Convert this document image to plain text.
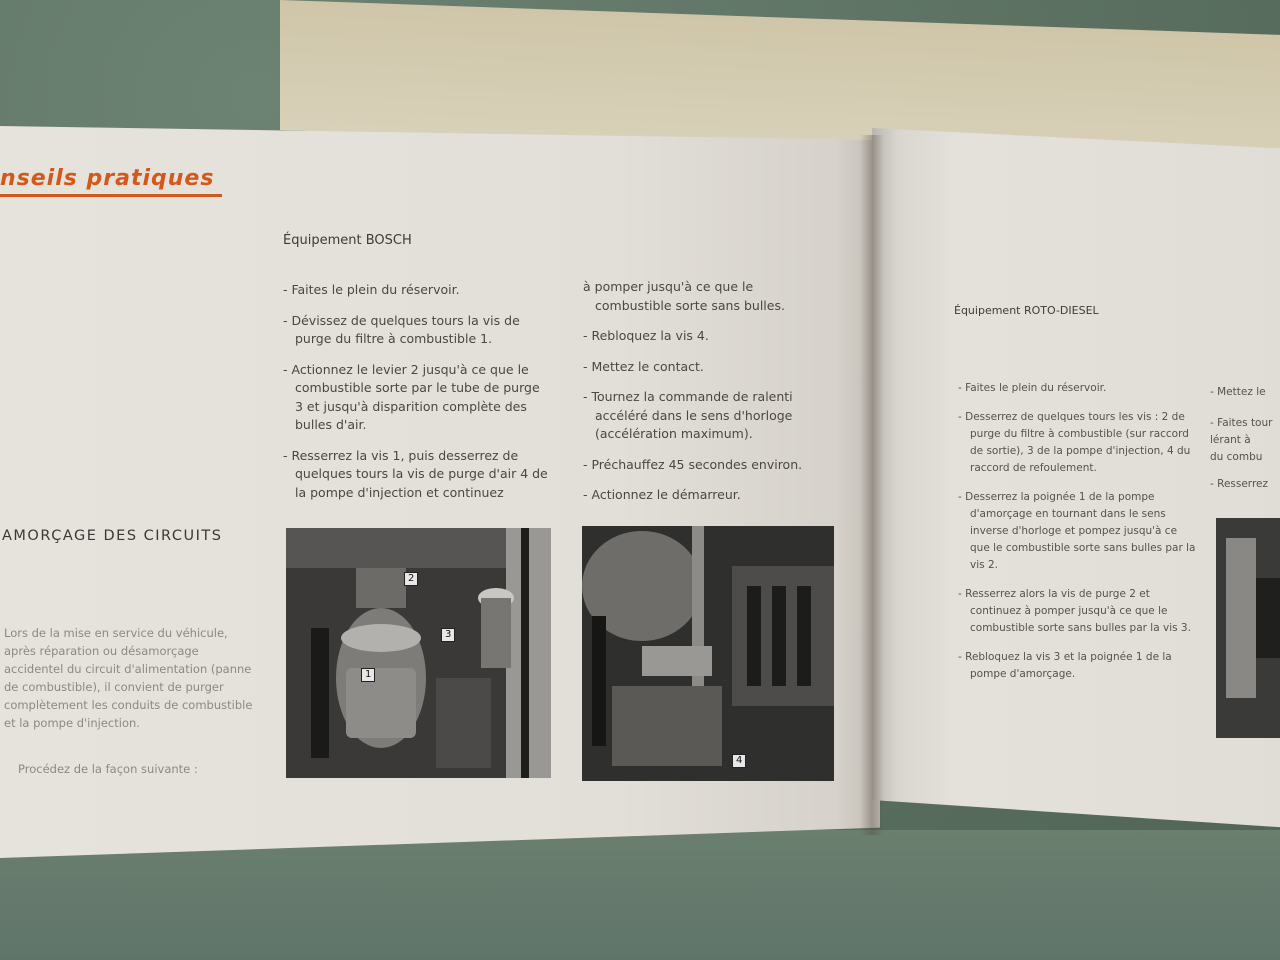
nseils pratiques
Équipement BOSCH
- Faites le plein du réservoir.
- Dévissez de quelques tours la vis de purge du filtre à combustible 1.
- Actionnez le levier 2 jusqu'à ce que le combustible sorte par le tube de purge 3 et jusqu'à disparition complète des bulles d'air.
- Resserrez la vis 1, puis desserrez de quelques tours la vis de purge d'air 4 de la pompe d'injection et continuez
à pomper jusqu'à ce que le combustible sorte sans bulles.
- Rebloquez la vis 4.
- Mettez le contact.
- Tournez la commande de ralenti accéléré dans le sens d'horloge (accélération maximum).
- Préchauffez 45 secondes environ.
- Actionnez le démarreur.
AMORÇAGE DES CIRCUITS
Lors de la mise en service du véhicule, après réparation ou désamorçage accidentel du circuit d'alimentation (panne de combustible), il convient de purger complètement les conduits de combustible et la pompe d'injection.
Procédez de la façon suivante :
2
3
1
4
Équipement ROTO-DIESEL
- Faites le plein du réservoir.
- Desserrez de quelques tours les vis : 2 de purge du filtre à combustible (sur raccord de sortie), 3 de la pompe d'injection, 4 du raccord de refoulement.
- Desserrez la poignée 1 de la pompe d'amorçage en tournant dans le sens inverse d'horloge et pompez jusqu'à ce que le combustible sorte sans bulles par la vis 2.
- Resserrez alors la vis de purge 2 et continuez à pomper jusqu'à ce que le combustible sorte sans bulles par la vis 3.
- Rebloquez la vis 3 et la poignée 1 de la pompe d'amorçage.
- Mettez le
- Faites tour
lérant à
du combu
- Resserrez
